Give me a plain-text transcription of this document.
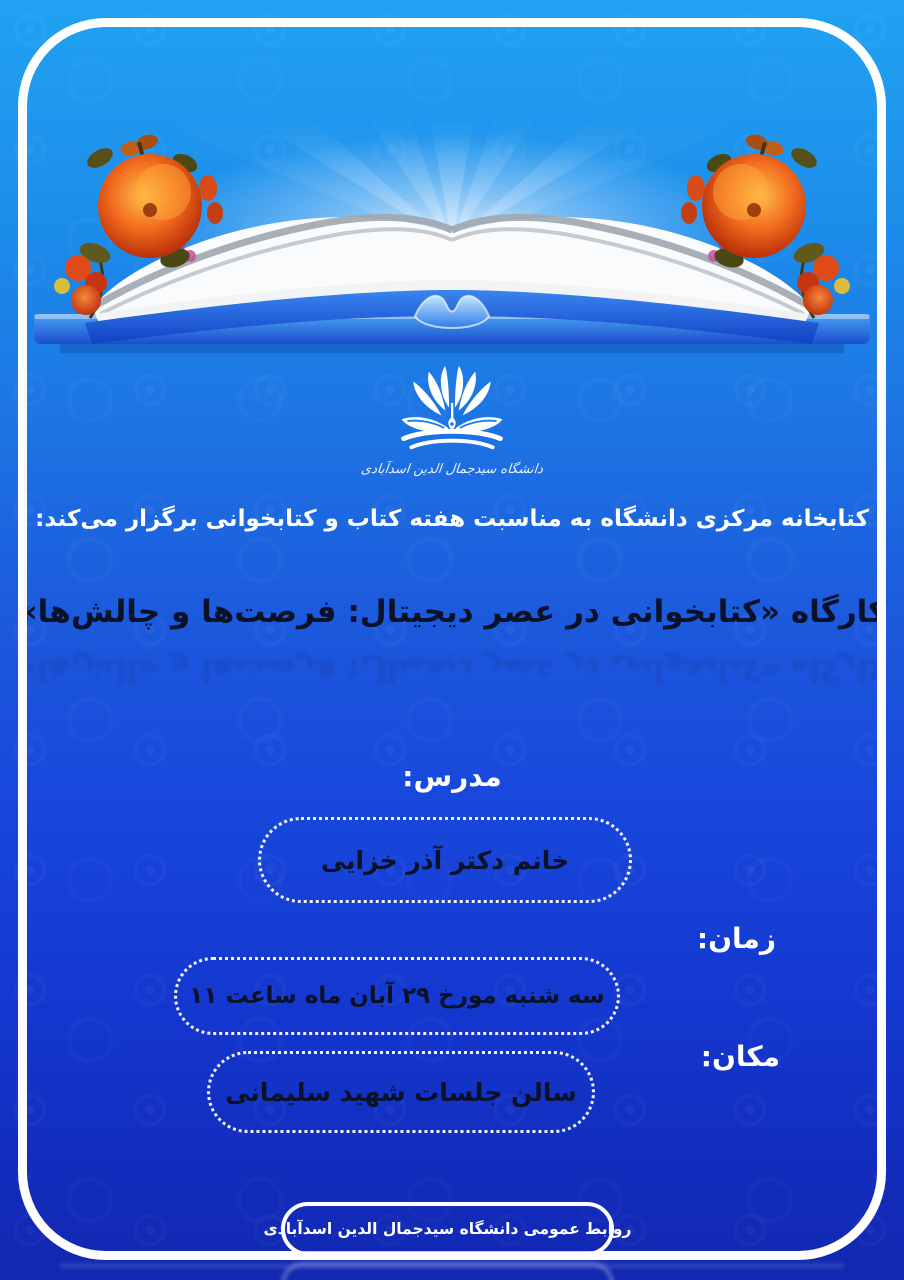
دانشگاه سیدجمال الدین اسدآبادی
کتابخانه مرکزی دانشگاه به مناسبت هفته کتاب و کتابخوانی برگزار می‌کند:
کارگاه «کتابخوانی در عصر دیجیتال: فرصت‌ها و چالش‌ها»
کارگاه «کتابخوانی در عصر دیجیتال: فرصت‌ها و چالش‌ها»
مدرس:
خانم دکتر آذر خزایی
زمان:
سه شنبه مورخ ۲۹ آبان ماه ساعت ۱۱
مکان:
سالن جلسات شهید سلیمانی
روابط عمومی دانشگاه سیدجمال الدین اسدآبادی
